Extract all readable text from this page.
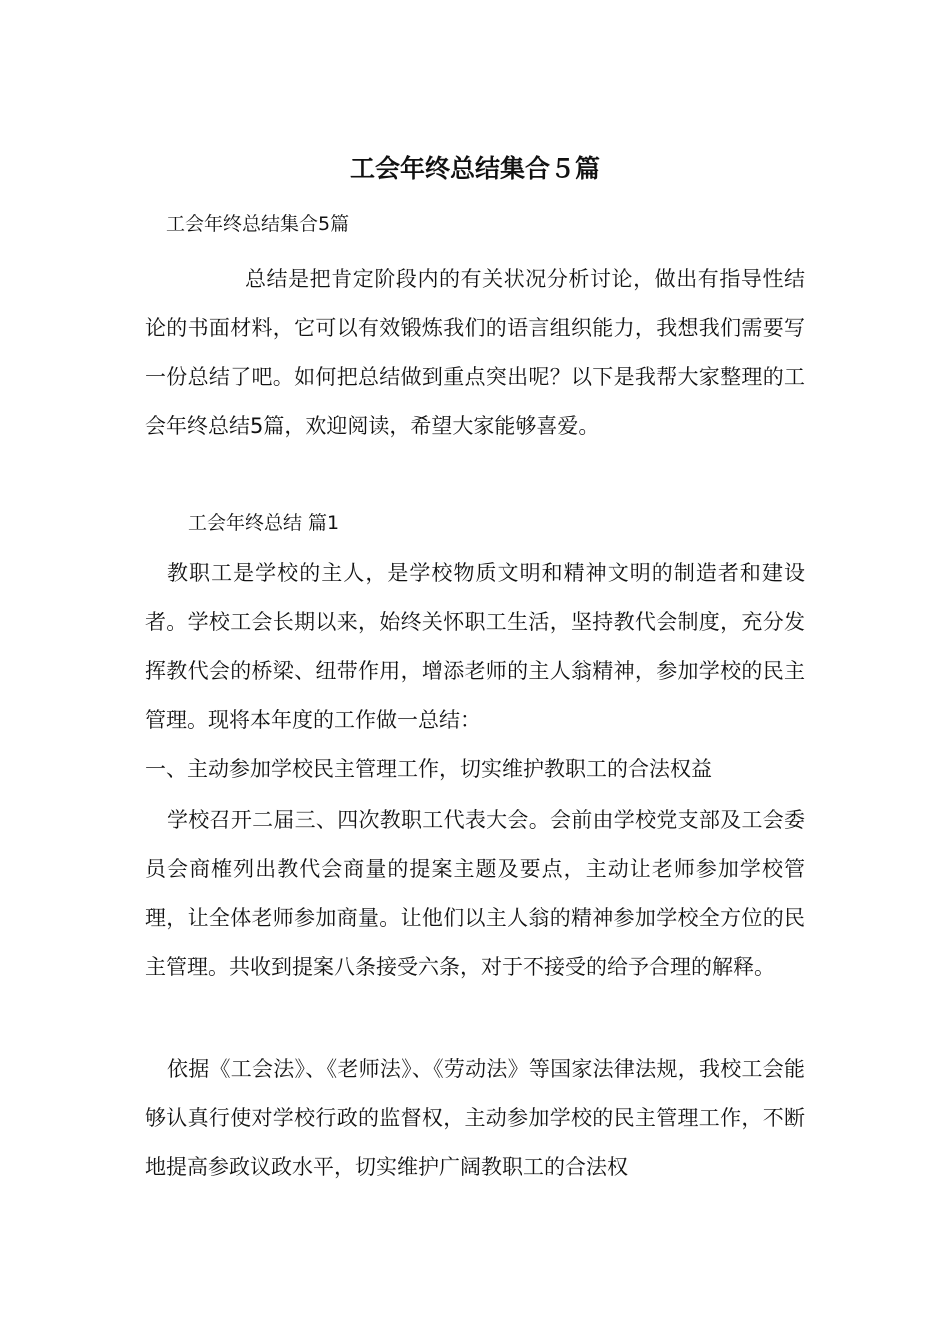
工会年终总结集合５篇

工会年终总结集合5篇

总结是把肯定阶段内的有关状况分析讨论，做出有指导性结论的书面材料，它可以有效锻炼我们的语言组织能力，我想我们需要写一份总结了吧。如何把总结做到重点突出呢？以下是我帮大家整理的工会年终总结5篇，欢迎阅读，希望大家能够喜爱。

工会年终总结 篇1

教职工是学校的主人，是学校物质文明和精神文明的制造者和建设者。学校工会长期以来，始终关怀职工生活，坚持教代会制度，充分发挥教代会的桥梁、纽带作用，增添老师的主人翁精神，参加学校的民主管理。现将本年度的工作做一总结：

一、主动参加学校民主管理工作，切实维护教职工的合法权益

学校召开二届三、四次教职工代表大会。会前由学校党支部及工会委员会商榷列出教代会商量的提案主题及要点，主动让老师参加学校管理，让全体老师参加商量。让他们以主人翁的精神参加学校全方位的民主管理。共收到提案八条接受六条，对于不接受的给予合理的解释。

依据《工会法》、《老师法》、《劳动法》等国家法律法规，我校工会能够认真行使对学校行政的监督权，主动参加学校的民主管理工作，不断地提高参政议政水平，切实维护广阔教职工的合法权
